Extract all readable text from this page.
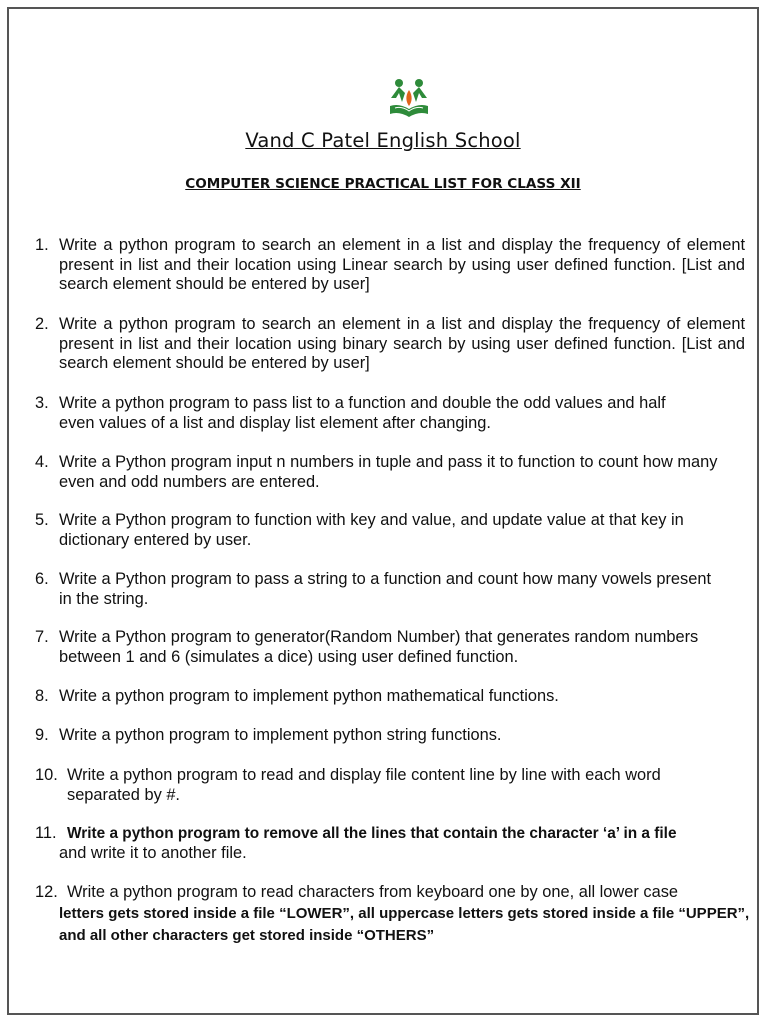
Vand C Patel English School
COMPUTER SCIENCE PRACTICAL LIST FOR CLASS XII
1. Write a python program to search an element in a list and display the frequency of element present in list and their location using Linear search by using user defined function. [List and search element should be entered by user]
2. Write a python program to search an element in a list and display the frequency of element present in list and their location using binary search by using user defined function. [List and search element should be entered by user]
3. Write a python program to pass list to a function and double the odd values and half even values of a list and display list element after changing.
4. Write a Python program input n numbers in tuple and pass it to function to count how many even and odd numbers are entered.
5. Write a Python program to function with key and value, and update value at that key in dictionary entered by user.
6. Write a Python program to pass a string to a function and count how many vowels present in the string.
7. Write a Python program to generator(Random Number) that generates random numbers between 1 and 6 (simulates a dice) using user defined function.
8. Write a python program to implement python mathematical functions.
9. Write a python program to implement python string functions.
10. Write a python program to read and display file content line by line with each word separated by #.
11. Write a python program to remove all the lines that contain the character ‘a’ in a file
and write it to another file.
12. Write a python program to read characters from keyboard one by one, all lower case
letters gets stored inside a file “LOWER”, all uppercase letters gets stored inside a file “UPPER”, and all other characters get stored inside “OTHERS”
